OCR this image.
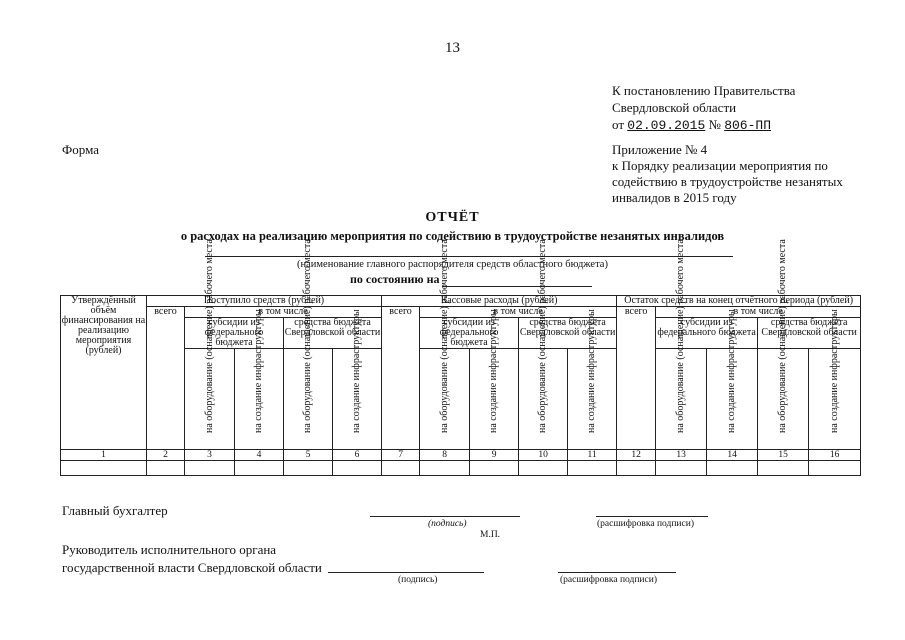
13
К постановлению Правительства
Свердловской области
от 02.09.2015 № 806-ПП
Форма	Приложение № 4
к Порядку реализации мероприятия по
содействию в трудоустройстве незанятых
инвалидов в 2015 году
ОТЧЁТ
о расходах на реализацию мероприятия по содействию в трудоустройстве незанятых инвалидов
(наименование главного распорядителя средств областного бюджета)
по состоянию на
Утверждённый объём финансирования на реализацию мероприятия (рублей)	Поступило средств (рублей)					Кассовые расходы (рублей)					Остаток средств на конец отчётного периода (рублей)				
	всего	в том числе				всего	в том числе				всего	в том числе			
		субсидии из федерального бюджета		средства бюджета Свердловской области			субсидии из федерального бюджета		средства бюджета Свердловской области			субсидии из федерального бюджета		средства бюджета Свердловской области	

		на оборудование (оснащение) рабочего места	на создание инфраструктуры	на оборудование (оснащение) рабочего места	на создание инфраструктуры		на оборудование (оснащение) рабочего места	на создание инфраструктуры	на оборудование (оснащение) рабочего места	на создание инфраструктуры		на оборудование (оснащение) рабочего места	на создание инфраструктуры	на оборудование (оснащение) рабочего места	на создание инфраструктуры

1	2	3	4	5	6	7	8	9	10	11	12	13	14	15	16

Главный бухгалтер
(подпись)	(расшифровка подписи)
М.П.
Руководитель исполнительного органа
государственной власти Свердловской области
(подпись)	(расшифровка подписи)
